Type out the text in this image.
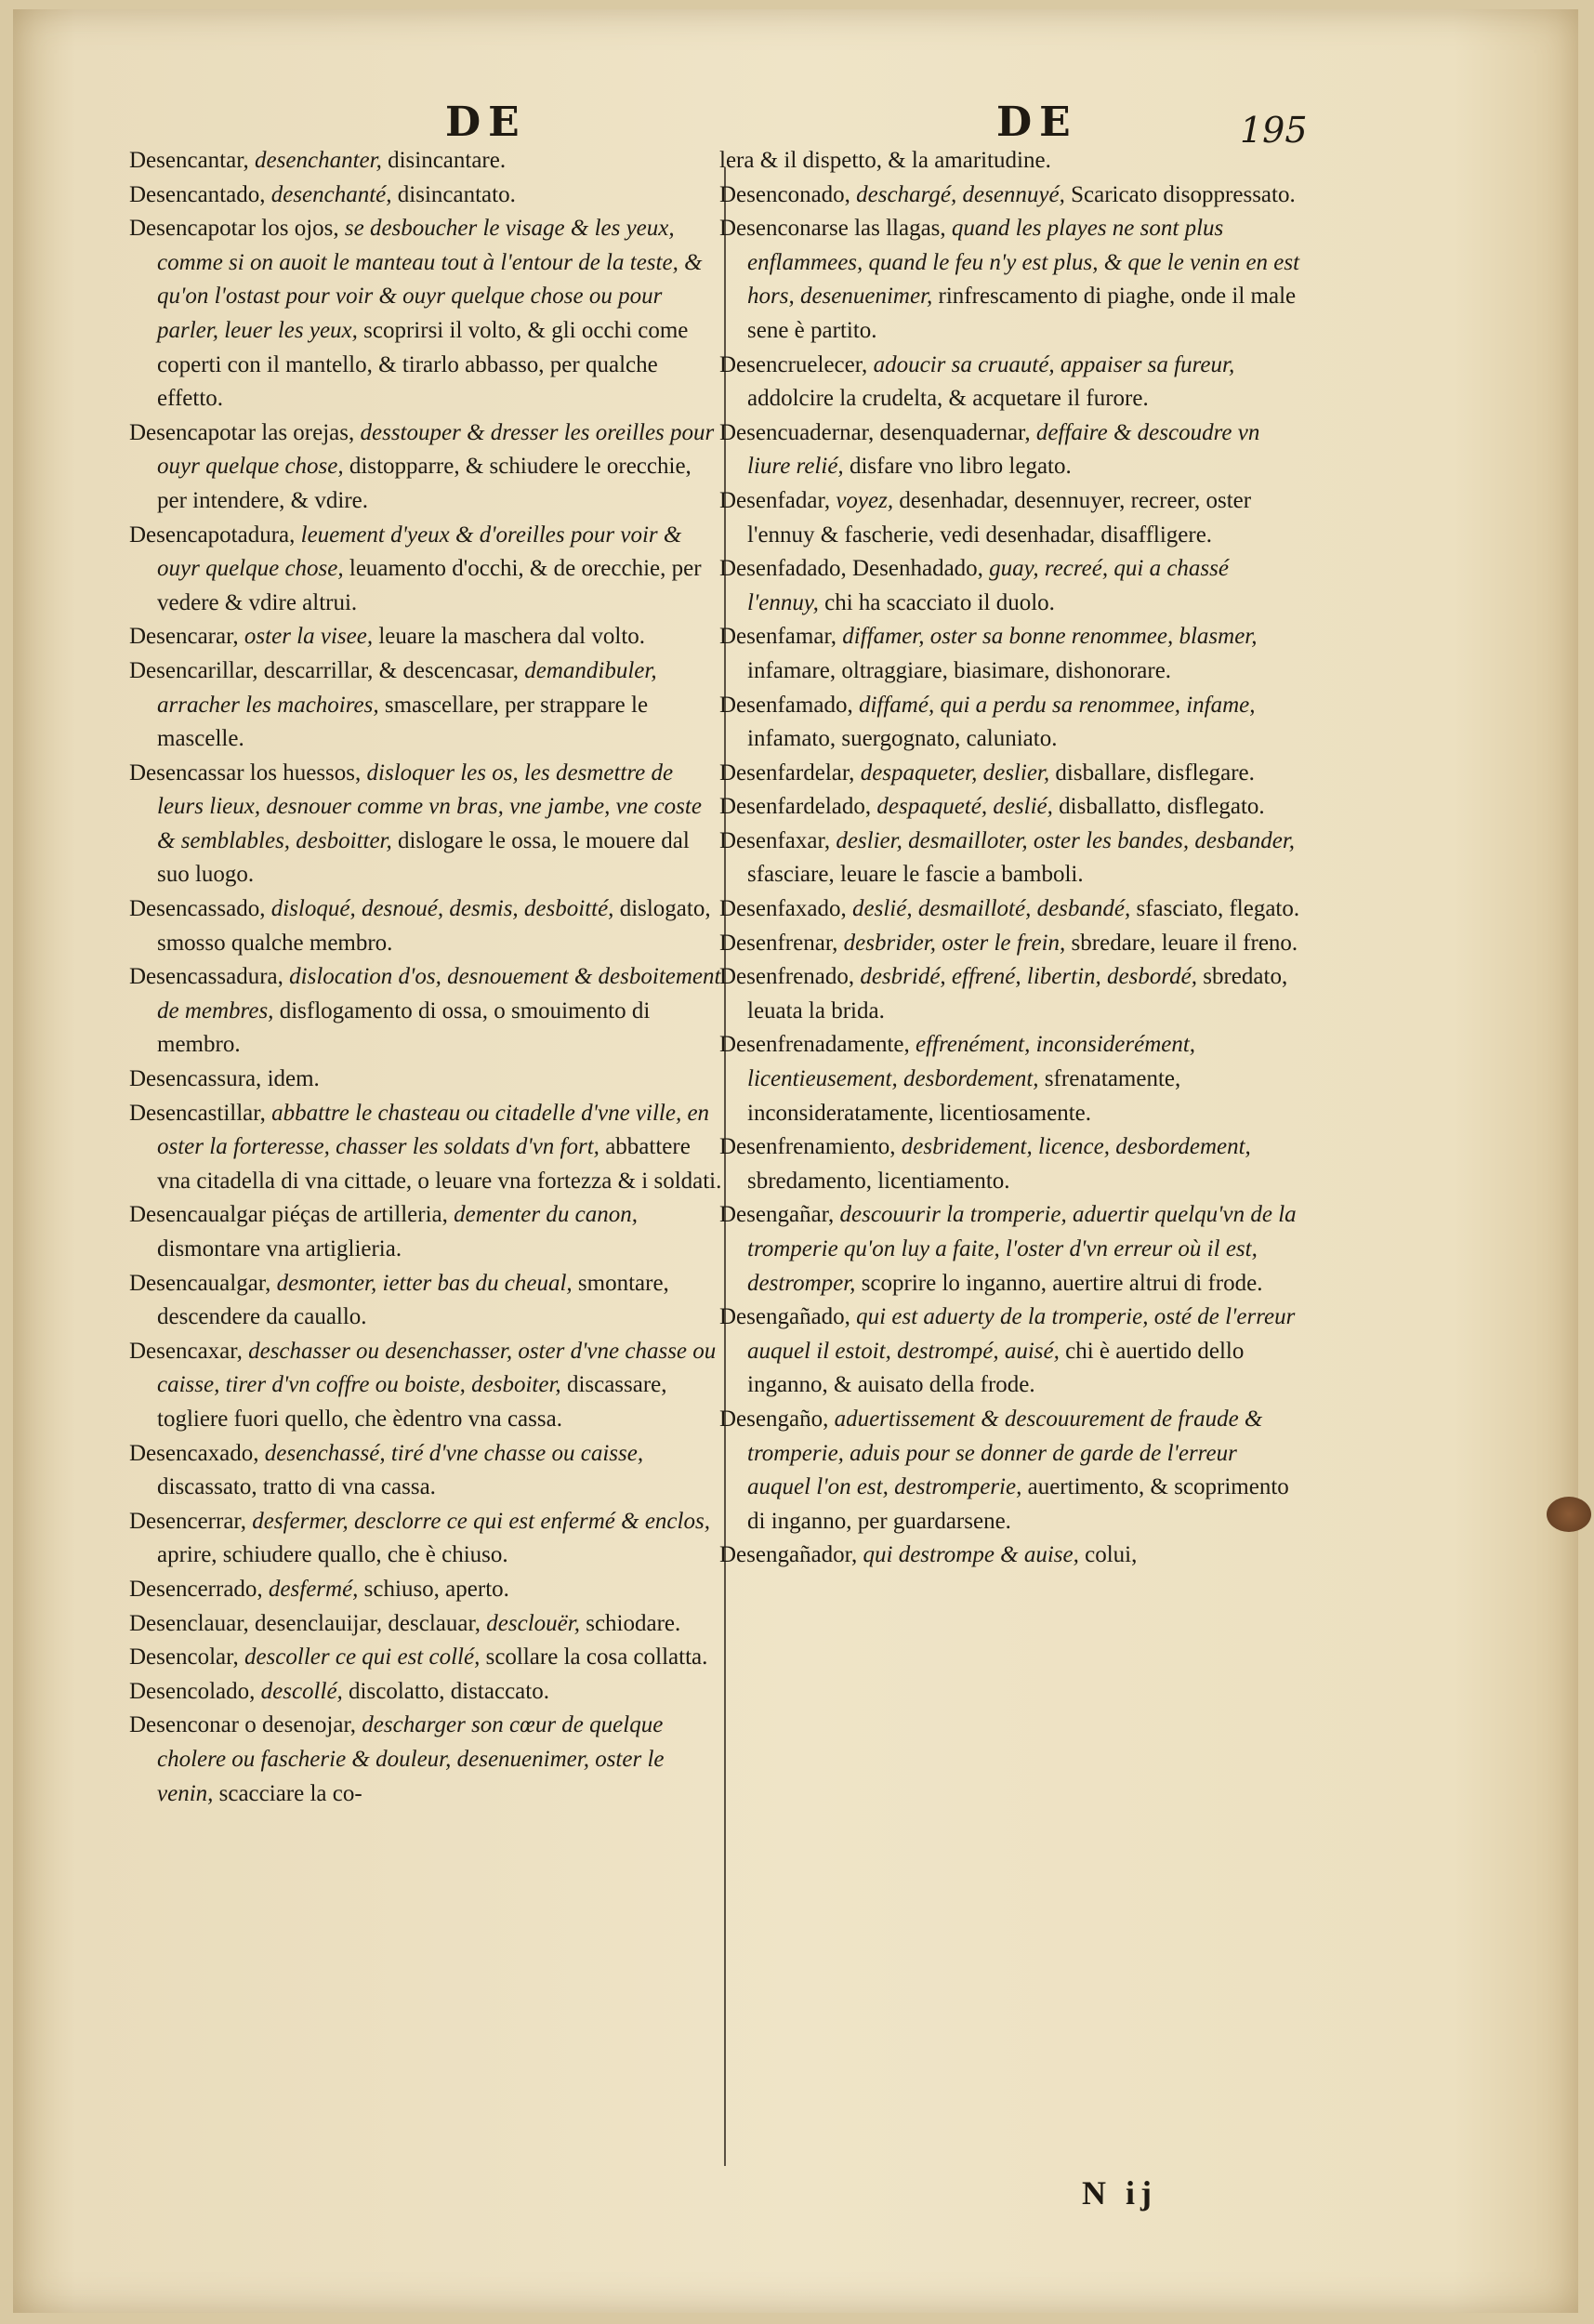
DE	DE	195

Desencantar, desenchanter, disincantare.

Desencantado, desenchanté, disincantato.

Desencapotar los ojos, se desboucher le visage & les yeux, comme si on auoit le manteau tout à l'entour de la teste, & qu'on l'ostast pour voir & ouyr quelque chose ou pour parler, leuer les yeux, scoprirsi il volto, & gli occhi come coperti con il mantello, & tirarlo abbasso, per qualche effetto.

Desencapotar las orejas, desstouper & dresser les oreilles pour ouyr quelque chose, distopparre, & schiudere le orecchie, per intendere, & vdire.

Desencapotadura, leuement d'yeux & d'oreilles pour voir & ouyr quelque chose, leuamento d'occhi, & de orecchie, per vedere & vdire altrui.

Desencarar, oster la visee, leuare la maschera dal volto.

Desencarillar, descarrillar, & descencasar, demandibuler, arracher les machoires, smascellare, per strappare le mascelle.

Desencassar los huessos, disloquer les os, les desmettre de leurs lieux, desnouer comme vn bras, vne jambe, vne coste & semblables, desboitter, dislogare le ossa, le mouere dal suo luogo.

Desencassado, disloqué, desnoué, desmis, desboitté, dislogato, smosso qualche membro.

Desencassadura, dislocation d'os, desnouement & desboitement de membres, disflogamento di ossa, o smouimento di membro.

Desencassura, idem.

Desencastillar, abbattre le chasteau ou citadelle d'vne ville, en oster la forteresse, chasser les soldats d'vn fort, abbattere vna citadella di vna cittade, o leuare vna fortezza & i soldati.

Desencaualgar piéças de artilleria, dementer du canon, dismontare vna artiglieria.

Desencaualgar, desmonter, ietter bas du cheual, smontare, descendere da cauallo.

Desencaxar, deschasser ou desenchasser, oster d'vne chasse ou caisse, tirer d'vn coffre ou boiste, desboiter, discassare, togliere fuori quello, che èdentro vna cassa.

Desencaxado, desenchassé, tiré d'vne chasse ou caisse, discassato, tratto di vna cassa.

Desencerrar, desfermer, desclorre ce qui est enfermé & enclos, aprire, schiudere quallo, che è chiuso.

Desencerrado, desfermé, schiuso, aperto.

Desenclauar, desenclauijar, desclauar, desclouër, schiodare.

Desencolar, descoller ce qui est collé, scollare la cosa collatta.

Desencolado, descollé, discolatto, distaccato.

Desenconar o desenojar, descharger son cœur de quelque cholere ou fascherie & douleur, desenuenimer, oster le venin, scacciare la co-

lera & il dispetto, & la amaritudine.

Desenconado, deschargé, desennuyé, Scaricato disoppressato.

Desenconarse las llagas, quand les playes ne sont plus enflammees, quand le feu n'y est plus, & que le venin en est hors, desenuenimer, rinfrescamento di piaghe, onde il male sene è partito.

Desencruelecer, adoucir sa cruauté, appaiser sa fureur, addolcire la crudelta, & acquetare il furore.

Desencuadernar, desenquadernar, deffaire & descoudre vn liure relié, disfare vno libro legato.

Desenfadar, voyez, desenhadar, desennuyer, recreer, oster l'ennuy & fascherie, vedi desenhadar, disaffligere.

Desenfadado, Desenhadado, guay, recreé, qui a chassé l'ennuy, chi ha scacciato il duolo.

Desenfamar, diffamer, oster sa bonne renommee, blasmer, infamare, oltraggiare, biasimare, dishonorare.

Desenfamado, diffamé, qui a perdu sa renommee, infame, infamato, suergognato, caluniato.

Desenfardelar, despaqueter, deslier, disballare, disflegare.

Desenfardelado, despaqueté, deslié, disballatto, disflegato.

Desenfaxar, deslier, desmailloter, oster les bandes, desbander, sfasciare, leuare le fascie a bamboli.

Desenfaxado, deslié, desmailloté, desbandé, sfasciato, flegato.

Desenfrenar, desbrider, oster le frein, sbredare, leuare il freno.

Desenfrenado, desbridé, effrené, libertin, desbordé, sbredato, leuata la brida.

Desenfrenadamente, effrenément, inconsiderément, licentieusement, desbordement, sfrenatamente, inconsideratamente, licentiosamente.

Desenfrenamiento, desbridement, licence, desbordement, sbredamento, licentiamento.

Desengañar, descouurir la tromperie, aduertir quelqu'vn de la tromperie qu'on luy a faite, l'oster d'vn erreur où il est, destromper, scoprire lo inganno, auertire altrui di frode.

Desengañado, qui est aduerty de la tromperie, osté de l'erreur auquel il estoit, destrompé, auisé, chi è auertido dello inganno, & auisato della frode.

Desengaño, aduertissement & descouurement de fraude & tromperie, aduis pour se donner de garde de l'erreur auquel l'on est, destromperie, auertimento, & scoprimento di inganno, per guardarsene.

Desengañador, qui destrompe & auise, colui,

N ij
